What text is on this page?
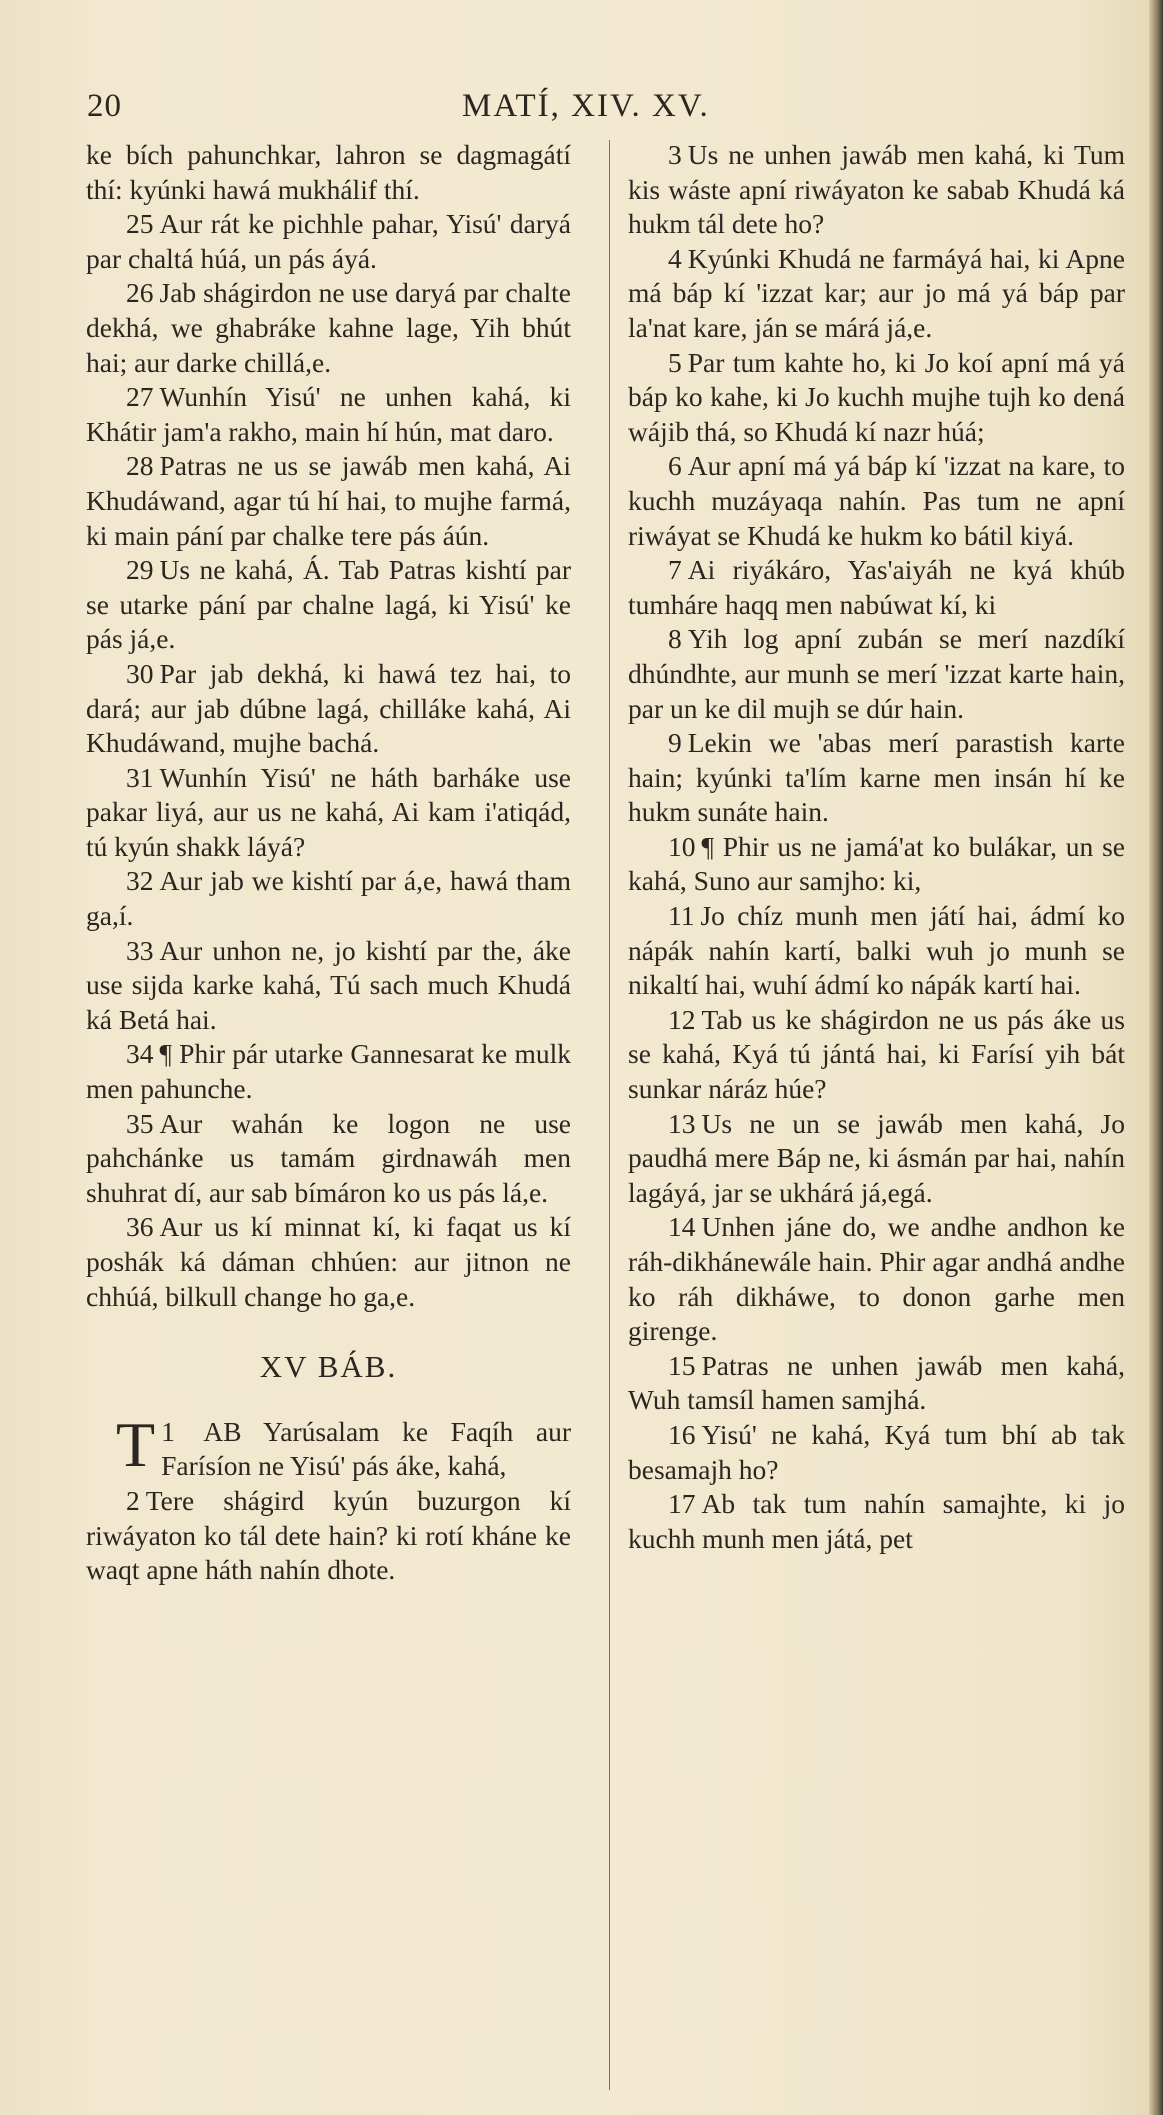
20	MATÍ, XIV. XV.

ke bích pahunchkar, lahron se dagmagátí thí: kyúnki hawá mukhálif thí.

25 Aur rát ke pichhle pahar, Yisú' daryá par chaltá húá, un pás áyá.

26 Jab shágirdon ne use daryá par chalte dekhá, we ghabráke kahne lage, Yih bhút hai; aur darke chillá,e.

27 Wunhín Yisú' ne unhen kahá, ki Khátir jam'a rakho, main hí hún, mat daro.

28 Patras ne us se jawáb men kahá, Ai Khudáwand, agar tú hí hai, to mujhe farmá, ki main pání par chalke tere pás áún.

29 Us ne kahá, Á. Tab Patras kishtí par se utarke pání par chalne lagá, ki Yisú' ke pás já,e.

30 Par jab dekhá, ki hawá tez hai, to dará; aur jab dúbne lagá, chilláke kahá, Ai Khudáwand, mujhe bachá.

31 Wunhín Yisú' ne háth barháke use pakar liyá, aur us ne kahá, Ai kam i'atiqád, tú kyún shakk láyá?

32 Aur jab we kishtí par á,e, hawá tham ga,í.

33 Aur unhon ne, jo kishtí par the, áke use sijda karke kahá, Tú sach much Khudá ká Betá hai.

34 ¶ Phir pár utarke Gannesarat ke mulk men pahunche.

35 Aur wahán ke logon ne use pahchánke us tamám girdnawáh men shuhrat dí, aur sab bímáron ko us pás lá,e.

36 Aur us kí minnat kí, ki faqat us kí poshák ká dáman chhúen: aur jitnon ne chhúá, bilkull change ho ga,e.

XV BÁB.

1
T AB Yarúsalam ke Faqíh aur Farísíon ne Yisú' pás áke, kahá,

2 Tere shágird kyún buzurgon kí riwáyaton ko tál dete hain? ki rotí kháne ke waqt apne háth nahín dhote.

3 Us ne unhen jawáb men kahá, ki Tum kis wáste apní riwáyaton ke sabab Khudá ká hukm tál dete ho?

4 Kyúnki Khudá ne farmáyá hai, ki Apne má báp kí 'izzat kar; aur jo má yá báp par la'nat kare, ján se márá já,e.

5 Par tum kahte ho, ki Jo koí apní má yá báp ko kahe, ki Jo kuchh mujhe tujh ko dená wájib thá, so Khudá kí nazr húá;

6 Aur apní má yá báp kí 'izzat na kare, to kuchh muzáyaqa nahín. Pas tum ne apní riwáyat se Khudá ke hukm ko bátil kiyá.

7 Ai riyákáro, Yas'aiyáh ne kyá khúb tumháre haqq men nabúwat kí, ki

8 Yih log apní zubán se merí nazdíkí dhúndhte, aur munh se merí 'izzat karte hain, par un ke dil mujh se dúr hain.

9 Lekin we 'abas merí parastish karte hain; kyúnki ta'lím karne men insán hí ke hukm sunáte hain.

10 ¶ Phir us ne jamá'at ko bulákar, un se kahá, Suno aur samjho: ki,

11 Jo chíz munh men játí hai, ádmí ko nápák nahín kartí, balki wuh jo munh se nikaltí hai, wuhí ádmí ko nápák kartí hai.

12 Tab us ke shágirdon ne us pás áke us se kahá, Kyá tú jántá hai, ki Farísí yih bát sunkar náráz húe?

13 Us ne un se jawáb men kahá, Jo paudhá mere Báp ne, ki ásmán par hai, nahín lagáyá, jar se ukhárá já,egá.

14 Unhen jáne do, we andhe andhon ke ráh-dikhánewále hain. Phir agar andhá andhe ko ráh dikháwe, to donon garhe men girenge.

15 Patras ne unhen jawáb men kahá, Wuh tamsíl hamen samjhá.

16 Yisú' ne kahá, Kyá tum bhí ab tak besamajh ho?

17 Ab tak tum nahín samajhte, ki jo kuchh munh men játá, pet
